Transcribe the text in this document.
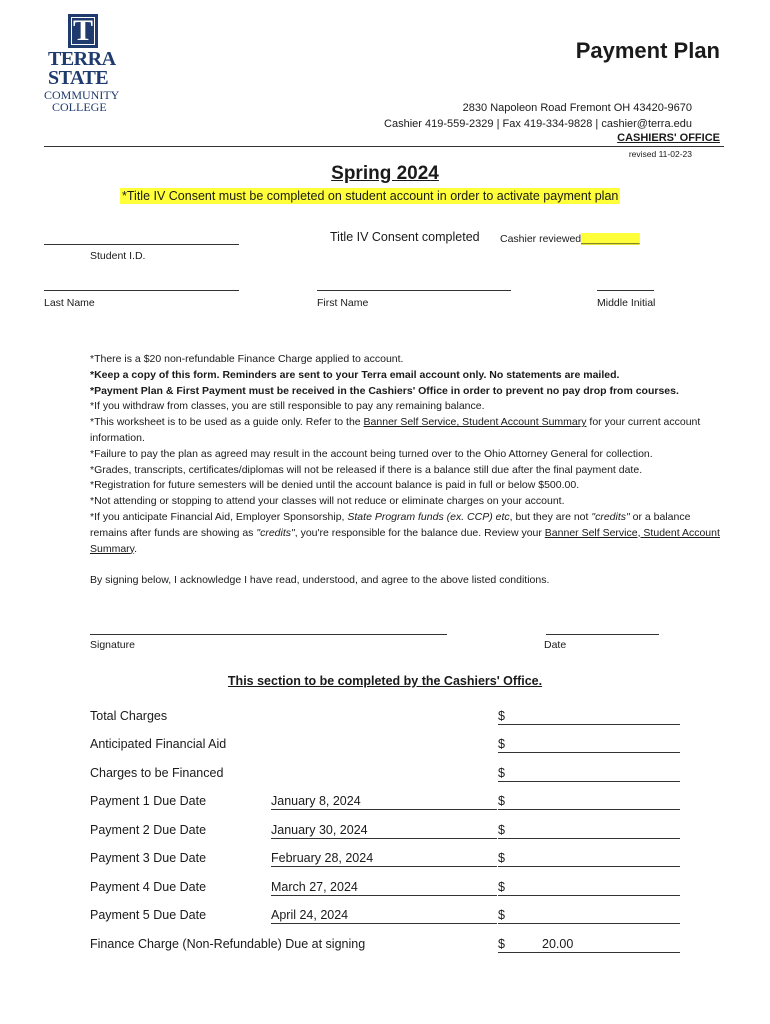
T
TERRA
STATE
COMMUNITY
COLLEGE
Payment Plan
2830 Napoleon Road Fremont OH 43420-9670
Cashier 419-559-2329 | Fax 419-334-9828 | cashier@terra.edu
CASHIERS' OFFICE
revised 11-02-23
Spring 2024
*Title IV Consent must be completed on student account in order to activate payment plan
Student I.D.
Title IV Consent completed Cashier reviewed__________
Last Name	First Name	Middle Initial

*There is a $20 non-refundable Finance Charge applied to account.

*Keep a copy of this form. Reminders are sent to your Terra email account only. No statements are mailed.

*Payment Plan & First Payment must be received in the Cashiers' Office in order to prevent no pay drop from courses.

*If you withdraw from classes, you are still responsible to pay any remaining balance.

*This worksheet is to be used as a guide only. Refer to the Banner Self Service, Student Account Summary for your current account information.

*Failure to pay the plan as agreed may result in the account being turned over to the Ohio Attorney General for collection.

*Grades, transcripts, certificates/diplomas will not be released if there is a balance still due after the final payment date.

*Registration for future semesters will be denied until the account balance is paid in full or below $500.00.

*Not attending or stopping to attend your classes will not reduce or eliminate charges on your account.

*If you anticipate Financial Aid, Employer Sponsorship, State Program funds (ex. CCP) etc, but they are not "credits" or a balance remains after funds are showing as "credits", you're responsible for the balance due. Review your Banner Self Service, Student Account Summary.

By signing below, I acknowledge I have read, understood, and agree to the above listed conditions.
Signature	Date
This section to be completed by the Cashiers' Office.
Total Charges	$
Anticipated Financial Aid	$
Charges to be Financed	$
Payment 1 Due Date	January 8, 2024	$
Payment 2 Due Date	January 30, 2024	$
Payment 3 Due Date	February 28, 2024	$
Payment 4 Due Date	March 27, 2024	$
Payment 5 Due Date	April 24, 2024	$
Finance Charge (Non-Refundable) Due at signing	$	20.00
